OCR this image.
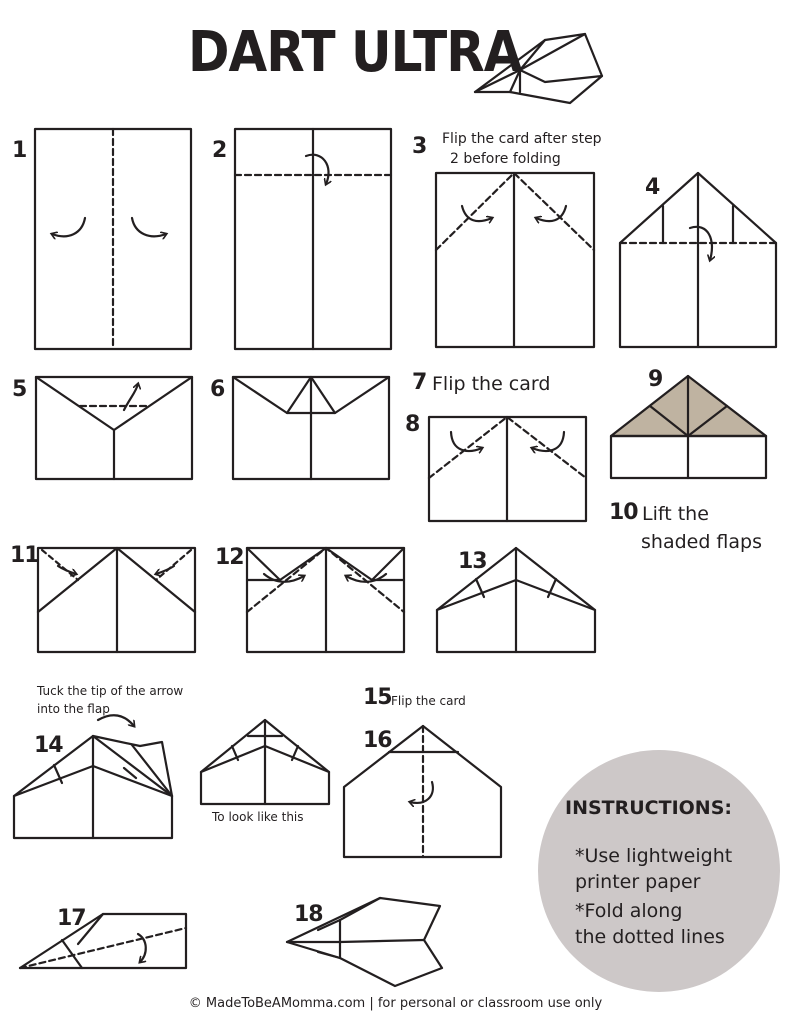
DART ULTRA
1	2	3
4
5	6	7
8
9
10
11	12	13
14
15
16
17	18
Flip the card after step
2 before folding
Flip the card
Lift the
shaded flaps
Tuck the tip of the arrow
into the flap
To look like this
Flip the card
INSTRUCTIONS:
*Use lightweight
printer paper
*Fold along
the dotted lines
© MadeToBeAMomma.com | for personal or classroom use only
